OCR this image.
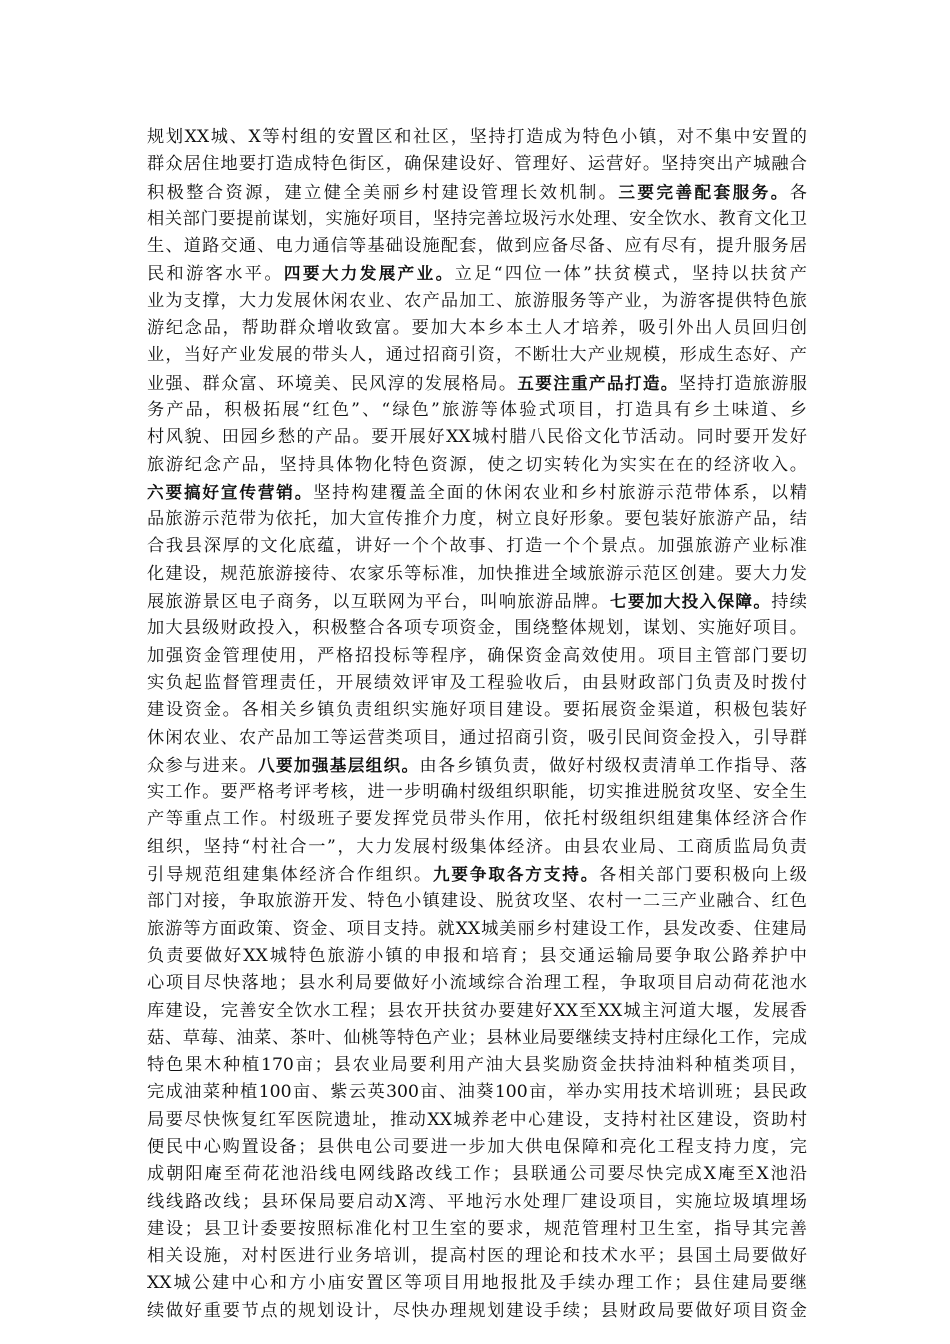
规划XX城、X等村组的安置区和社区，坚持打造成为特色小镇，对不集中安置的
群众居住地要打造成特色街区，确保建设好、管理好、运营好。坚持突出产城融合
积极整合资源，建立健全美丽乡村建设管理长效机制。三要完善配套服务。各
相关部门要提前谋划，实施好项目，坚持完善垃圾污水处理、安全饮水、教育文化卫
生、道路交通、电力通信等基础设施配套，做到应备尽备、应有尽有，提升服务居
民和游客水平。四要大力发展产业。立足“四位一体”扶贫模式，坚持以扶贫产
业为支撑，大力发展休闲农业、农产品加工、旅游服务等产业，为游客提供特色旅
游纪念品，帮助群众增收致富。要加大本乡本土人才培养，吸引外出人员回归创
业，当好产业发展的带头人，通过招商引资，不断壮大产业规模，形成生态好、产
业强、群众富、环境美、民风淳的发展格局。五要注重产品打造。坚持打造旅游服
务产品，积极拓展“红色”、“绿色”旅游等体验式项目，打造具有乡土味道、乡
村风貌、田园乡愁的产品。要开展好XX城村腊八民俗文化节活动。同时要开发好
旅游纪念产品，坚持具体物化特色资源，使之切实转化为实实在在的经济收入。
六要搞好宣传营销。坚持构建覆盖全面的休闲农业和乡村旅游示范带体系，以精
品旅游示范带为依托，加大宣传推介力度，树立良好形象。要包装好旅游产品，结
合我县深厚的文化底蕴，讲好一个个故事、打造一个个景点。加强旅游产业标准
化建设，规范旅游接待、农家乐等标准，加快推进全域旅游示范区创建。要大力发
展旅游景区电子商务，以互联网为平台，叫响旅游品牌。七要加大投入保障。持续
加大县级财政投入，积极整合各项专项资金，围绕整体规划，谋划、实施好项目。
加强资金管理使用，严格招投标等程序，确保资金高效使用。项目主管部门要切
实负起监督管理责任，开展绩效评审及工程验收后，由县财政部门负责及时拨付
建设资金。各相关乡镇负责组织实施好项目建设。要拓展资金渠道，积极包装好
休闲农业、农产品加工等运营类项目，通过招商引资，吸引民间资金投入，引导群
众参与进来。八要加强基层组织。由各乡镇负责，做好村级权责清单工作指导、落
实工作。要严格考评考核，进一步明确村级组织职能，切实推进脱贫攻坚、安全生
产等重点工作。村级班子要发挥党员带头作用，依托村级组织组建集体经济合作
组织，坚持“村社合一”，大力发展村级集体经济。由县农业局、工商质监局负责
引导规范组建集体经济合作组织。九要争取各方支持。各相关部门要积极向上级
部门对接，争取旅游开发、特色小镇建设、脱贫攻坚、农村一二三产业融合、红色
旅游等方面政策、资金、项目支持。就XX城美丽乡村建设工作，县发改委、住建局
负责要做好XX城特色旅游小镇的申报和培育；县交通运输局要争取公路养护中
心项目尽快落地；县水利局要做好小流域综合治理工程，争取项目启动荷花池水
库建设，完善安全饮水工程；县农开扶贫办要建好XX至XX城主河道大堰，发展香
菇、草莓、油菜、茶叶、仙桃等特色产业；县林业局要继续支持村庄绿化工作，完成
特色果木种植170亩；县农业局要利用产油大县奖励资金扶持油料种植类项目，
完成油菜种植100亩、紫云英300亩、油葵100亩，举办实用技术培训班；县民政
局要尽快恢复红军医院遗址，推动XX城养老中心建设，支持村社区建设，资助村
便民中心购置设备；县供电公司要进一步加大供电保障和亮化工程支持力度，完
成朝阳庵至荷花池沿线电网线路改线工作；县联通公司要尽快完成X庵至X池沿
线线路改线；县环保局要启动X湾、平地污水处理厂建设项目，实施垃圾填埋场
建设；县卫计委要按照标准化村卫生室的要求，规范管理村卫生室，指导其完善
相关设施，对村医进行业务培训，提高村医的理论和技术水平；县国土局要做好
XX城公建中心和方小庙安置区等项目用地报批及手续办理工作；县住建局要继
续做好重要节点的规划设计，尽快办理规划建设手续；县财政局要做好项目资金
